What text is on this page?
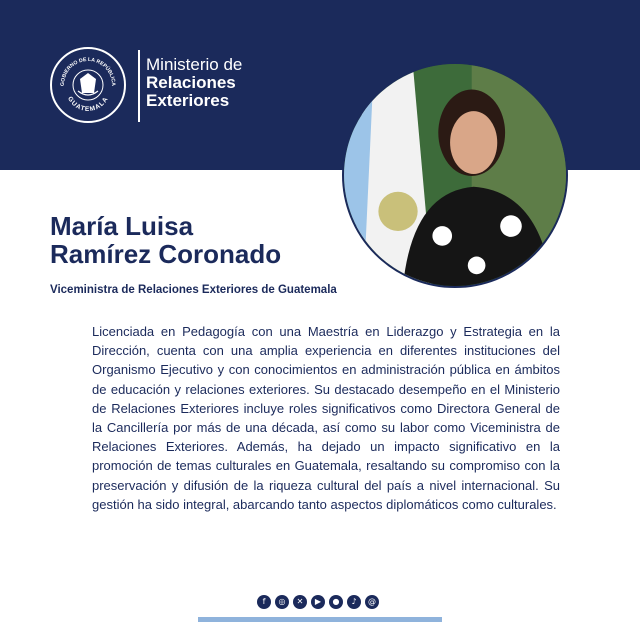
GOBIERNO DE LA REPÚBLICA
GUATEMALA
Ministerio de
Relaciones
Exteriores
María Luisa
Ramírez Coronado
Viceministra de Relaciones Exteriores de Guatemala

Licenciada en Pedagogía con una Maestría en Liderazgo y Estrategia en la Dirección, cuenta con una amplia experiencia en diferentes instituciones del Organismo Ejecutivo y con conocimientos en administración pública en ámbitos de educación y relaciones exteriores. Su destacado desempeño en el Ministerio de Relaciones Exteriores incluye roles significativos como Directora General de la Cancillería por más de una década, así como su labor como Viceministra de Relaciones Exteriores. Además, ha dejado un impacto significativo en la promoción de temas culturales en Guatemala, resaltando su compromiso con la preservación y difusión de la riqueza cultural del país a nivel internacional. Su gestión ha sido integral, abarcando tanto aspectos diplomáticos como culturales.

f	◎	✕	▶	●	♪	@
